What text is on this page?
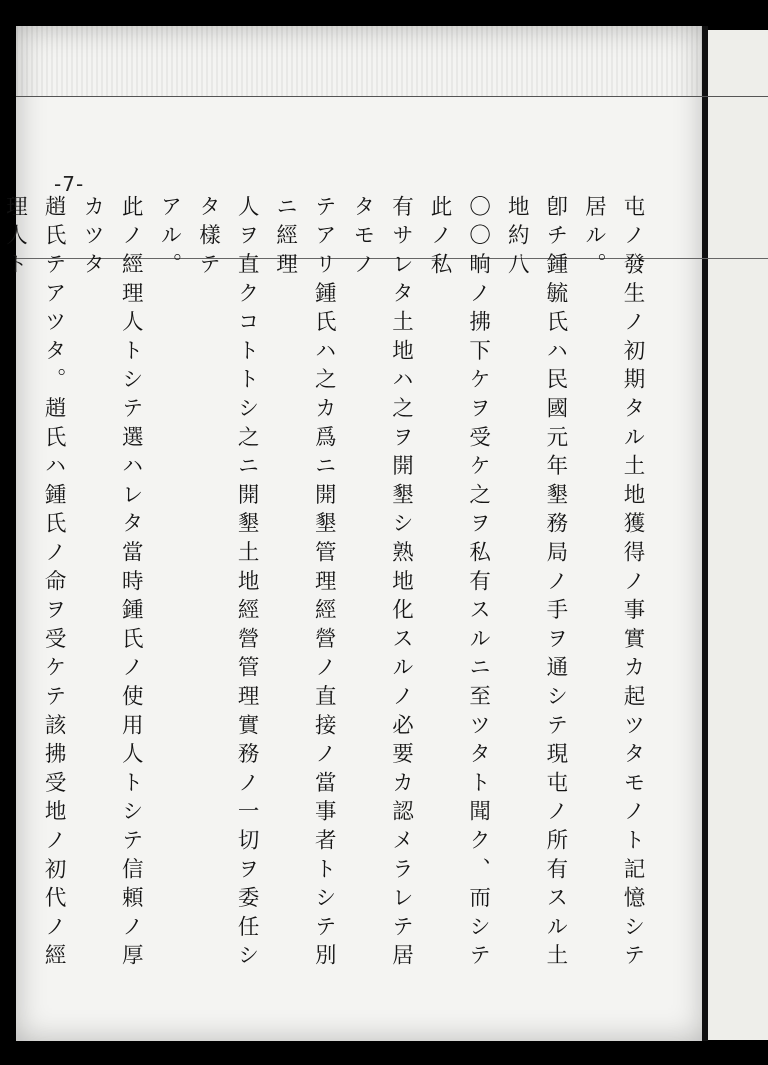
-7-

屯ノ發生ノ初期タル土地獲得ノ事實カ起ツタモノト記憶シテ居ル。

卽チ鍾毓氏ハ民國元年墾務局ノ手ヲ通シテ現屯ノ所有スル土地約八

〇〇晌ノ拂下ケヲ受ケ之ヲ私有スルニ至ツタト聞ク、而シテ此ノ私

有サレタ土地ハ之ヲ開墾シ熟地化スルノ必要カ認メラレテ居タモノ

テアリ鍾氏ハ之カ爲ニ開墾管理經營ノ直接ノ當事者トシテ別ニ經理

人ヲ直クコトトシ之ニ開墾土地經營管理實務ノ一切ヲ委任シタ樣テ

アル。

此ノ經理人トシテ選ハレタ當時鍾氏ノ使用人トシテ信頼ノ厚カツタ

趙氏テアツタ。趙氏ハ鍾氏ノ命ヲ受ケテ該拂受地ノ初代ノ經理人ト
